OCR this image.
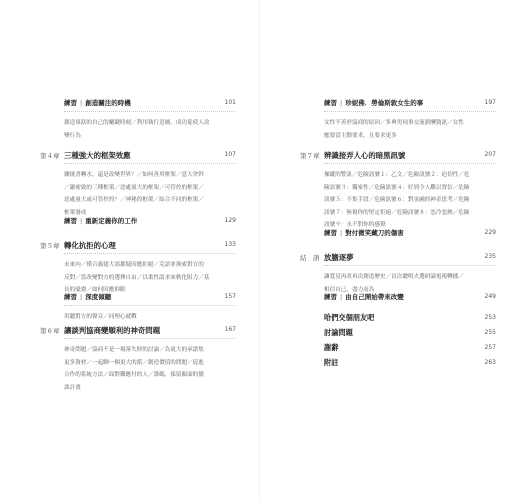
練習 | 創造關注的時機	101
創造巢狀的自己的關鍵時刻／利用執行意圖，成功促使人改
變行為
第４章 三種強大的框架效應	107
繃燒書轉水，還是改變世界？／如何善用框架／意大舍幹
／嚴密致的三種框架／惡處量大的框架／可管控的框架／
惡處量大或可管控的？／神秘的框架／結合不同的框架／
框架發成
練習 | 重新定義你的工作	129
第５章 轉化抗拒的心理	133
未來內／僅合義建大部郡疑因應拒絕／克語並探索對方的
反對／當改變對方的選擇自由／以柔性請求來軟化阻力／基
長的憂慮／如何因應抑眠
練習 | 深度傾聽	157
用聽對方的聲音／同理心就戰
第６章 讓談判協商變順利的神奇問題	167
神奇問題／協商不是一場落失財的討論／為更大的承諾集
更多資材／一起聊一個更大的派／創造價值的問題／促進
合作的系統方法／面對難應付的人／籌碼，保留顏面的僵
談計畫
練習 | 珍妮佛．勞倫斯敦女生的事	197
女性不善於協商的原因／多典男同事交流薪酬資訊／女性
應要當主動要求，且要求更多
第７章 辨識接弄人心的暗黑訊號	207
操縱的警訊／危險訊號１：乙文／危險訊號２：迫切性／危
險訊號３：獨家性／危險訊號４：好到令人難以置信／危險
訊號５：不集手段／危險訊號６：對金融的神奇思考／危險
訊號７：無視你的堅定拒絕／危險訊號８：忽冷忽熱／危險
訊號９：永不對你的感覺
練習 | 對付微笑藏刀的傷害	229
結　語 放膽逐夢	235
讓寬見再改再次創造歷史／首次聰明夫選研論電視轉播／
相信自己，盡力而為
練習 | 由自己開始帶來改變	249
哈們交個朋友吧	253
討論問題	255
謝辭	257
附註	263
